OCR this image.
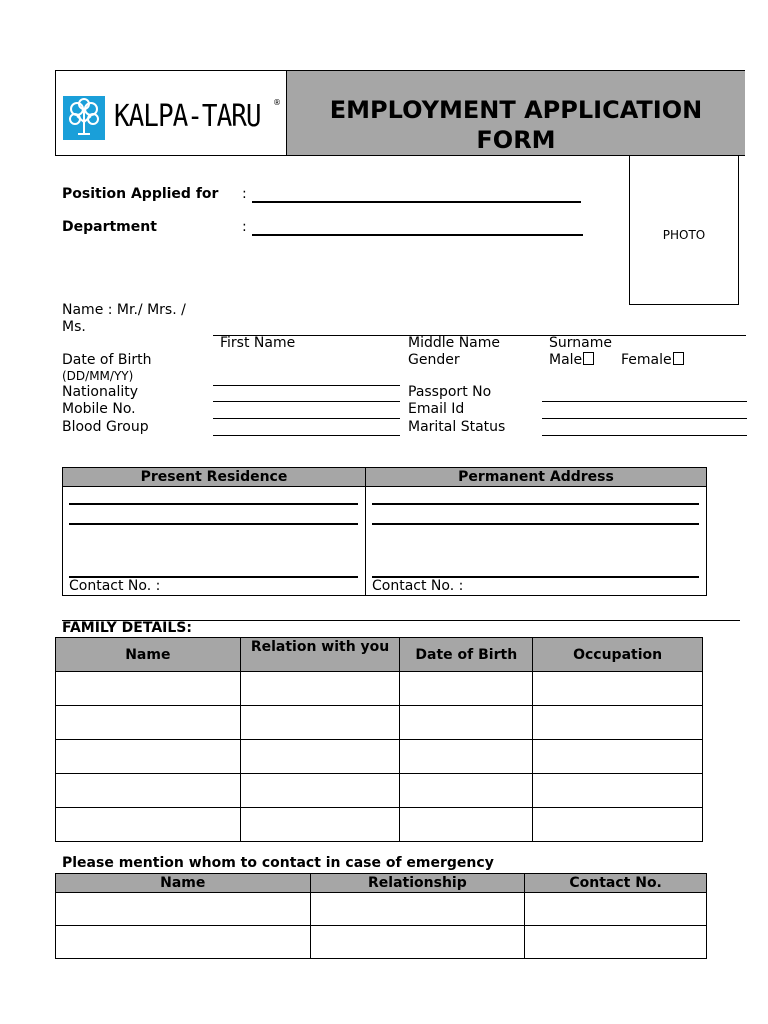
KALPA-TARU ®	EMPLOYMENT APPLICATION
FORM
PHOTO
Position Applied for :
Department	:
Name : Mr./ Mrs. /
Ms.
First Name	Middle Name	Surname
Date of Birth
(DD/MM/YY)
Gender	Male	Female
Nationality	Passport No
Mobile No.	Email Id
Blood Group	Marital Status
Present Residence	Permanent Address
Contact No. :	Contact No. :
FAMILY DETAILS:
Name	Relation with you	Date of Birth	Occupation

Please mention whom to contact in case of emergency
Name	Relationship	Contact No.
